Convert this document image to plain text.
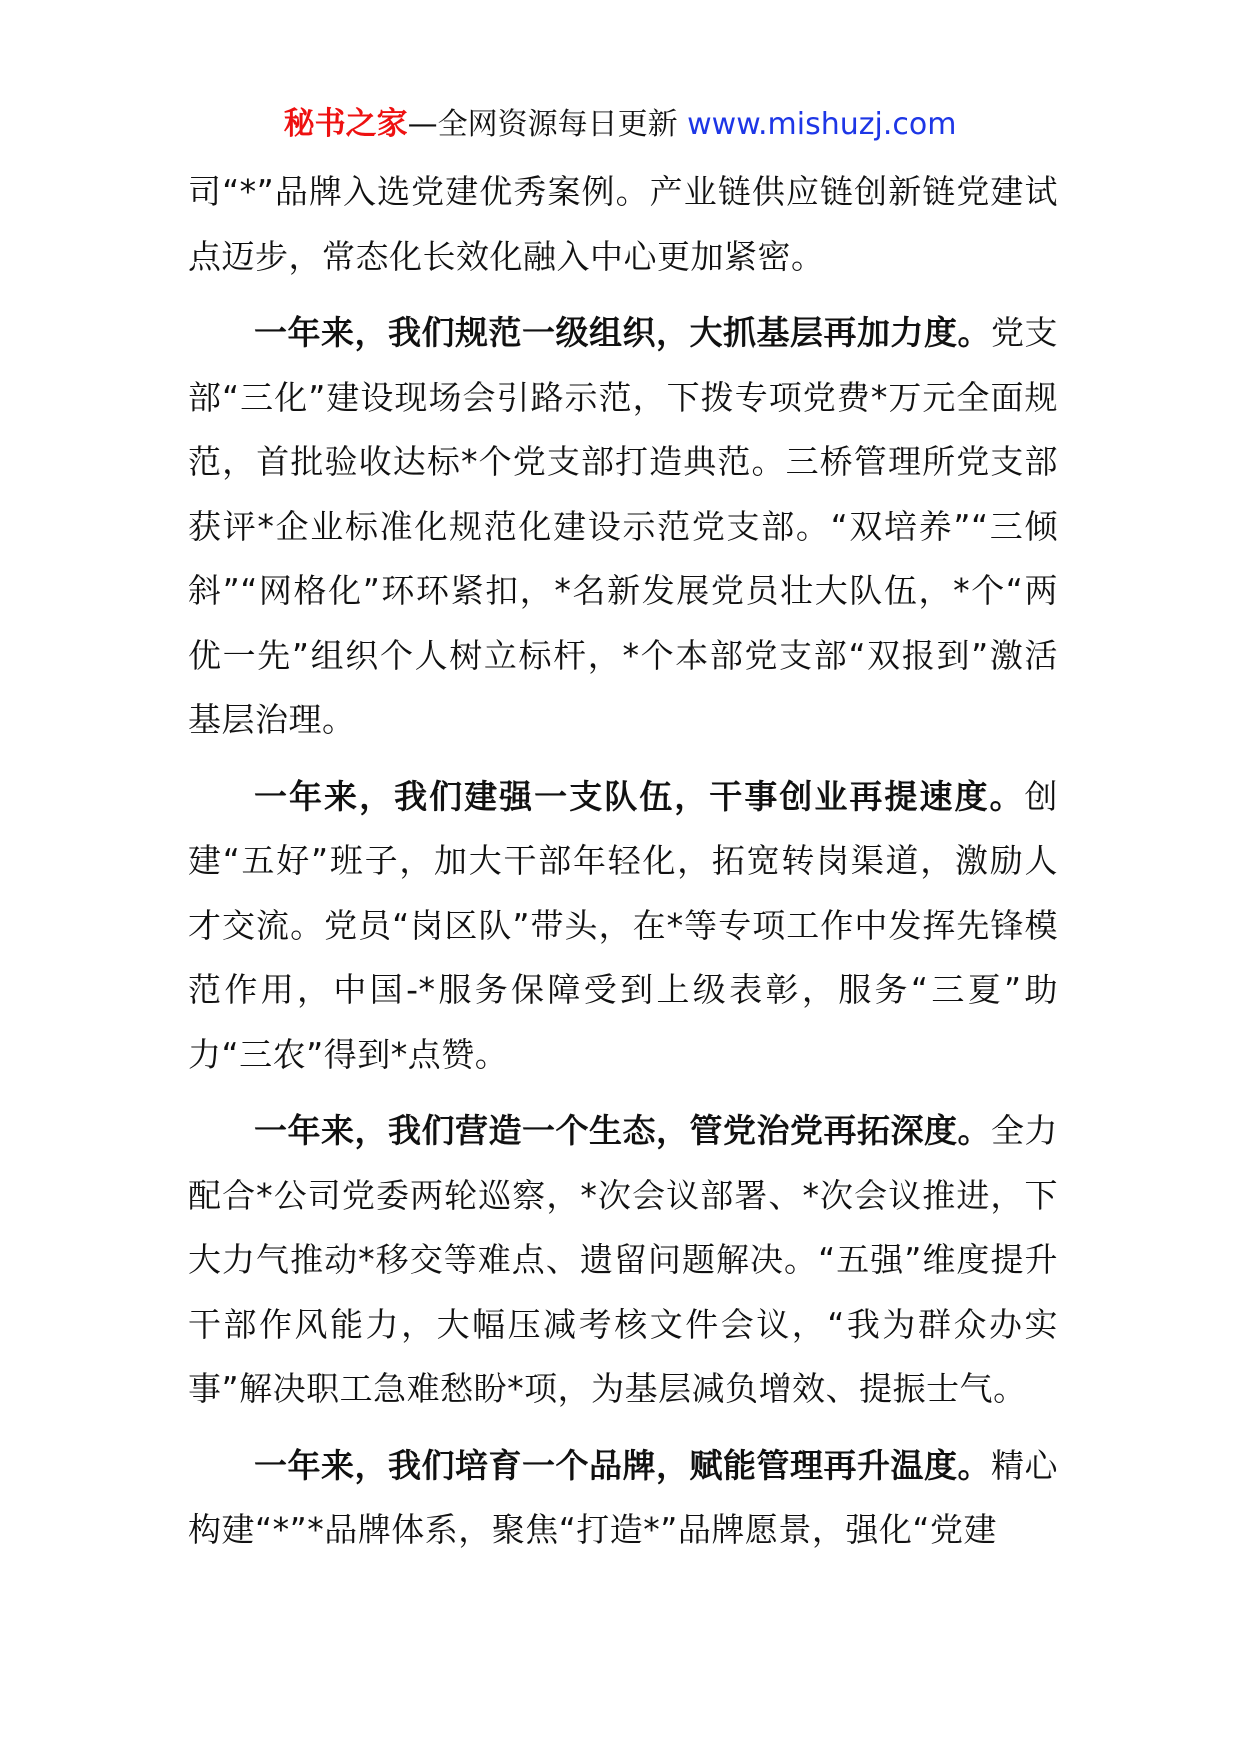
秘书之家—全网资源每日更新 www.mishuzj.com

司“*”品牌入选党建优秀案例。产业链供应链创新链党建试点迈步，常态化长效化融入中心更加紧密。

一年来，我们规范一级组织，大抓基层再加力度。党支部“三化”建设现场会引路示范，下拨专项党费*万元全面规范，首批验收达标*个党支部打造典范。三桥管理所党支部获评*企业标准化规范化建设示范党支部。“双培养”“三倾斜”“网格化”环环紧扣，*名新发展党员壮大队伍，*个“两优一先”组织个人树立标杆，*个本部党支部“双报到”激活基层治理。

一年来，我们建强一支队伍，干事创业再提速度。创建“五好”班子，加大干部年轻化，拓宽转岗渠道，激励人才交流。党员“岗区队”带头，在*等专项工作中发挥先锋模范作用，中国-*服务保障受到上级表彰，服务“三夏”助力“三农”得到*点赞。

一年来，我们营造一个生态，管党治党再拓深度。全力配合*公司党委两轮巡察，*次会议部署、*次会议推进，下大力气推动*移交等难点、遗留问题解决。“五强”维度提升干部作风能力，大幅压减考核文件会议，“我为群众办实事”解决职工急难愁盼*项，为基层减负增效、提振士气。

一年来，我们培育一个品牌，赋能管理再升温度。精心构建“*”*品牌体系，聚焦“打造*”品牌愿景，强化“党建
